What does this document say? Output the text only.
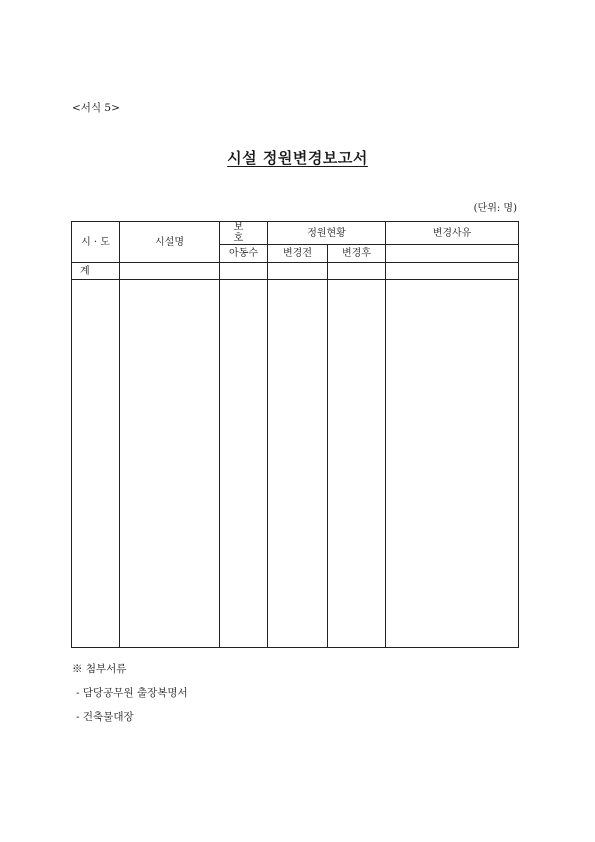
<서식 5>
시설 정원변경보고서
(단위: 명)
시 · 도	시설명	보 호	정원현황		변경사유
		아동수	변경전	변경후	
계					

※ 첨부서류
- 담당공무원 출장복명서
- 건축물대장
